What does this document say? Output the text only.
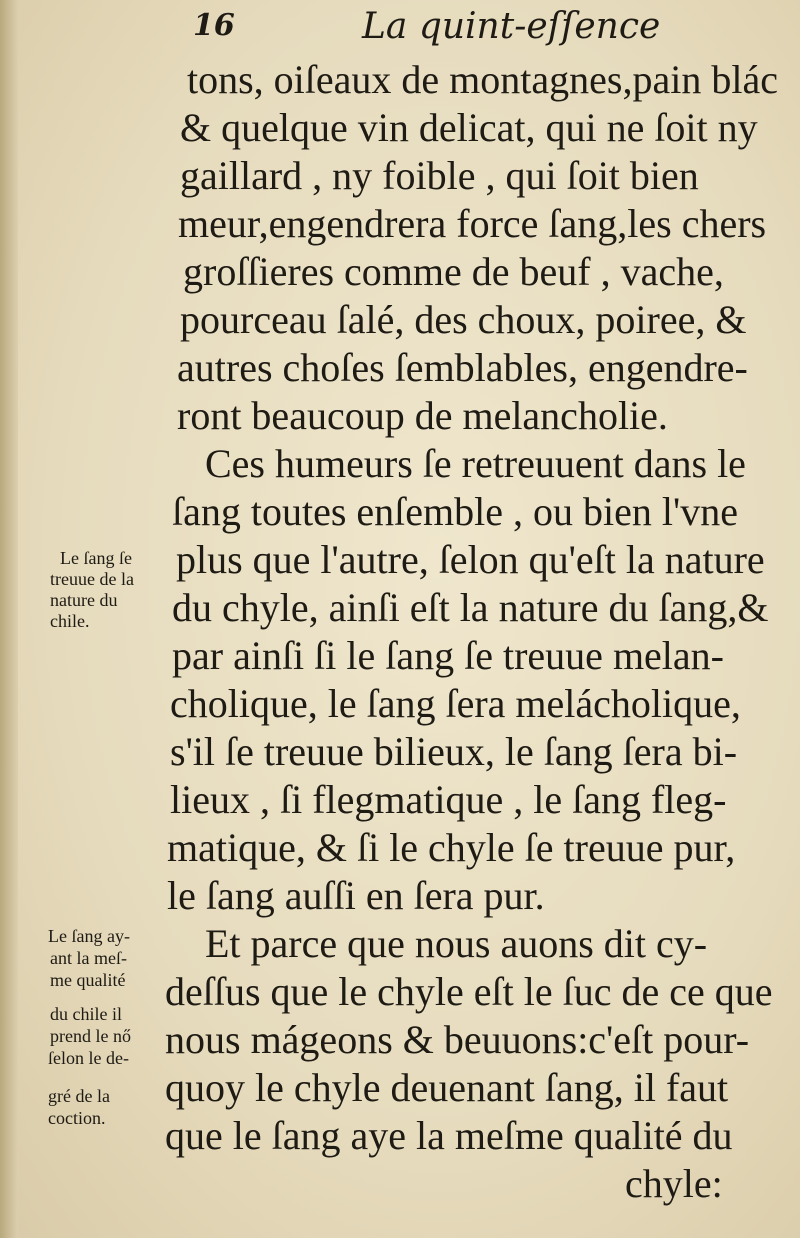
16	La quint-eſſence
tons, oiſeaux de montagnes,pain blác
& quelque vin delicat, qui ne ſoit ny
gaillard , ny foible , qui ſoit bien
meur,engendrera force ſang,les chers
groſſieres comme de beuf , vache,
pourceau ſalé, des choux, poiree, &
autres choſes ſemblables, engendre-
ront beaucoup de melancholie.
Ces humeurs ſe retreuuent dans le
ſang toutes enſemble , ou bien l'vne
plus que l'autre, ſelon qu'eſt la nature
du chyle, ainſi eſt la nature du ſang,&
par ainſi ſi le ſang ſe treuue melan-
cholique, le ſang ſera melácholique,
s'il ſe treuue bilieux, le ſang ſera bi-
lieux , ſi flegmatique , le ſang fleg-
matique, & ſi le chyle ſe treuue pur,
le ſang auſſi en ſera pur.
Et parce que nous auons dit cy-
deſſus que le chyle eſt le ſuc de ce que
nous mágeons & beuuons:c'eſt pour-
quoy le chyle deuenant ſang, il faut
que le ſang aye la meſme qualité du
chyle:
Le ſang ſe
treuue de la
nature du
chile.
Le ſang ay-
ant la meſ-
me qualité
du chile il
prend le nő
ſelon le de-
gré de la
coction.
